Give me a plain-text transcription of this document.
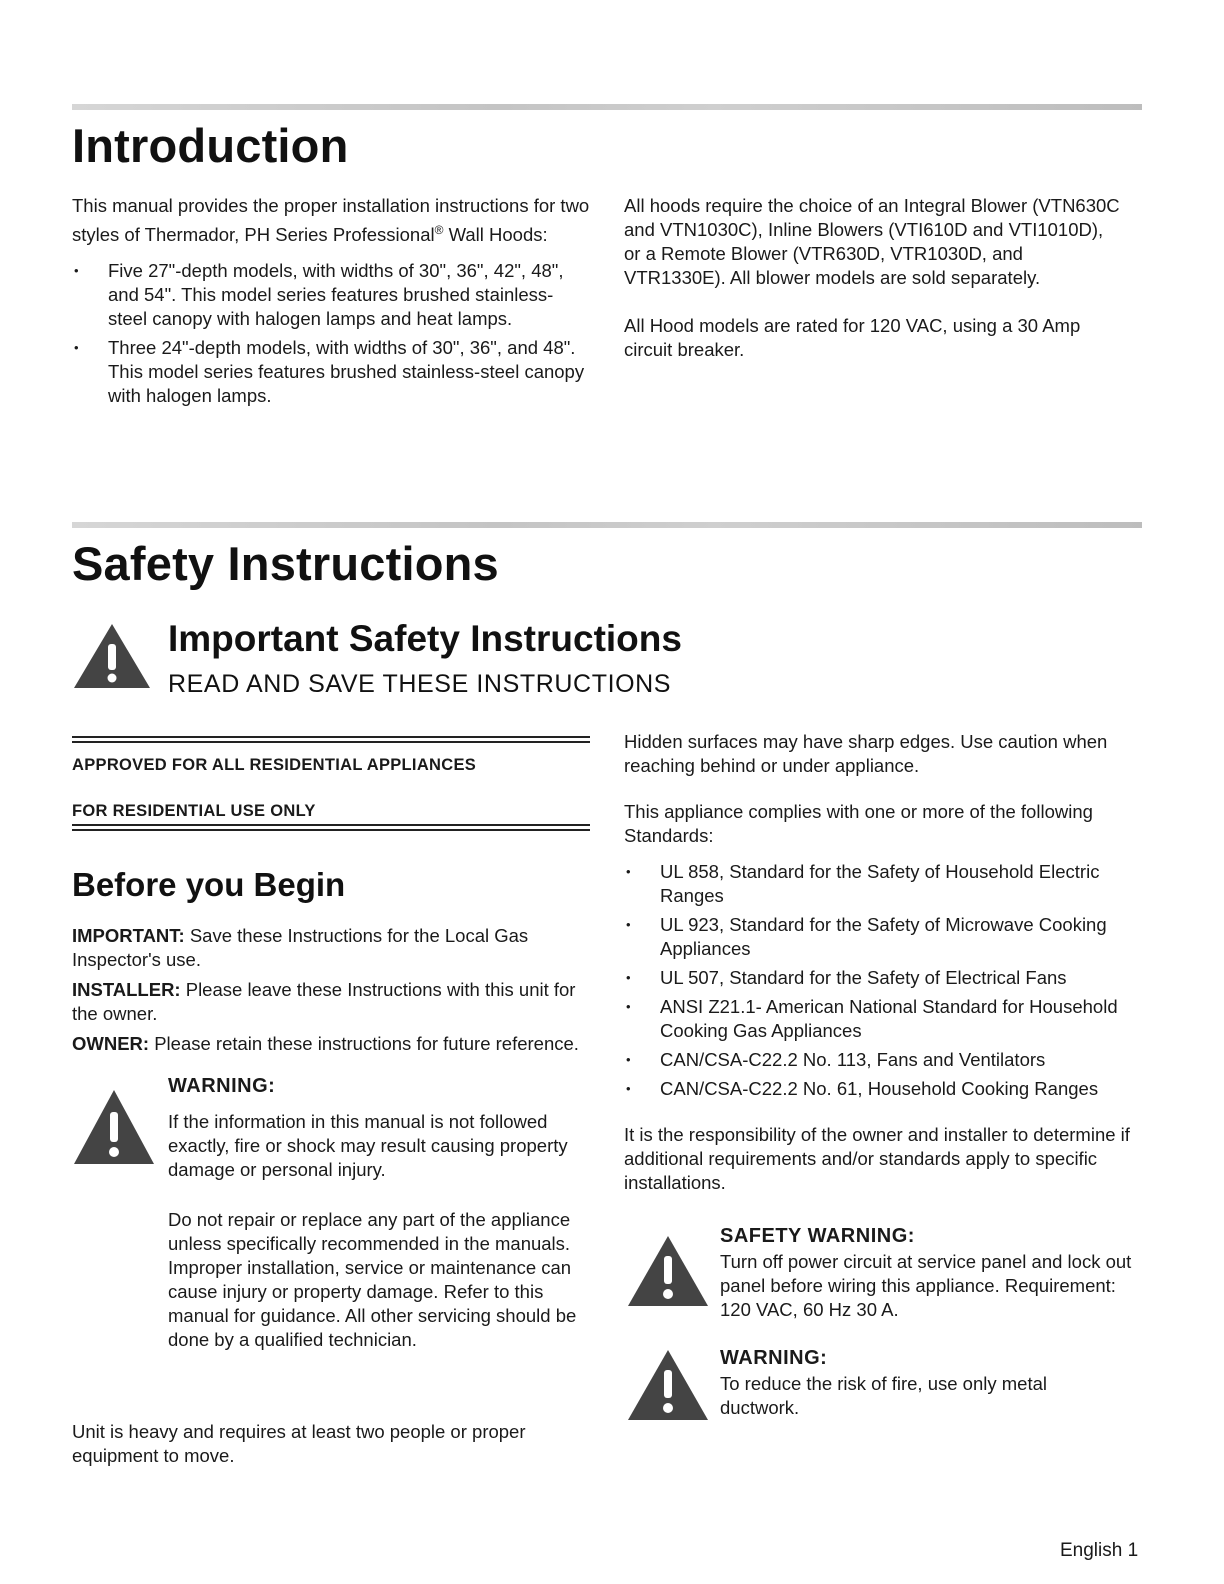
Introduction

This manual provides the proper installation instructions for two styles of Thermador, PH Series Professional® Wall Hoods:

• Five 27"-depth models, with widths of 30", 36", 42", 48", and 54". This model series features brushed stainless-steel canopy with halogen lamps and heat lamps.
• Three 24"-depth models, with widths of 30", 36", and 48". This model series features brushed stainless-steel canopy with halogen lamps.

All hoods require the choice of an Integral Blower (VTN630C and VTN1030C), Inline Blowers (VTI610D and VTI1010D), or a Remote Blower (VTR630D, VTR1030D, and VTR1330E). All blower models are sold separately.

All Hood models are rated for 120 VAC, using a 30 Amp circuit breaker.

Safety Instructions
Important Safety Instructions

READ AND SAVE THESE INSTRUCTIONS

APPROVED FOR ALL RESIDENTIAL APPLIANCES

FOR RESIDENTIAL USE ONLY

Before you Begin

IMPORTANT: Save these Instructions for the Local Gas Inspector's use.

INSTALLER: Please leave these Instructions with this unit for the owner.

OWNER: Please retain these instructions for future reference.

WARNING:

If the information in this manual is not followed exactly, fire or shock may result causing property damage or personal injury.

Do not repair or replace any part of the appliance unless specifically recommended in the manuals. Improper installation, service or maintenance can cause injury or property damage. Refer to this manual for guidance. All other servicing should be done by a qualified technician.

Unit is heavy and requires at least two people or proper equipment to move.

Hidden surfaces may have sharp edges. Use caution when reaching behind or under appliance.

This appliance complies with one or more of the following Standards:

• UL 858, Standard for the Safety of Household Electric Ranges
• UL 923, Standard for the Safety of Microwave Cooking Appliances
• UL 507, Standard for the Safety of Electrical Fans
• ANSI Z21.1- American National Standard for Household Cooking Gas Appliances
• CAN/CSA-C22.2 No. 113, Fans and Ventilators
• CAN/CSA-C22.2 No. 61, Household Cooking Ranges

It is the responsibility of the owner and installer to determine if additional requirements and/or standards apply to specific installations.

SAFETY WARNING:

Turn off power circuit at service panel and lock out panel before wiring this appliance. Requirement: 120 VAC, 60 Hz 30 A.

WARNING:

To reduce the risk of fire, use only metal ductwork.

English 1
